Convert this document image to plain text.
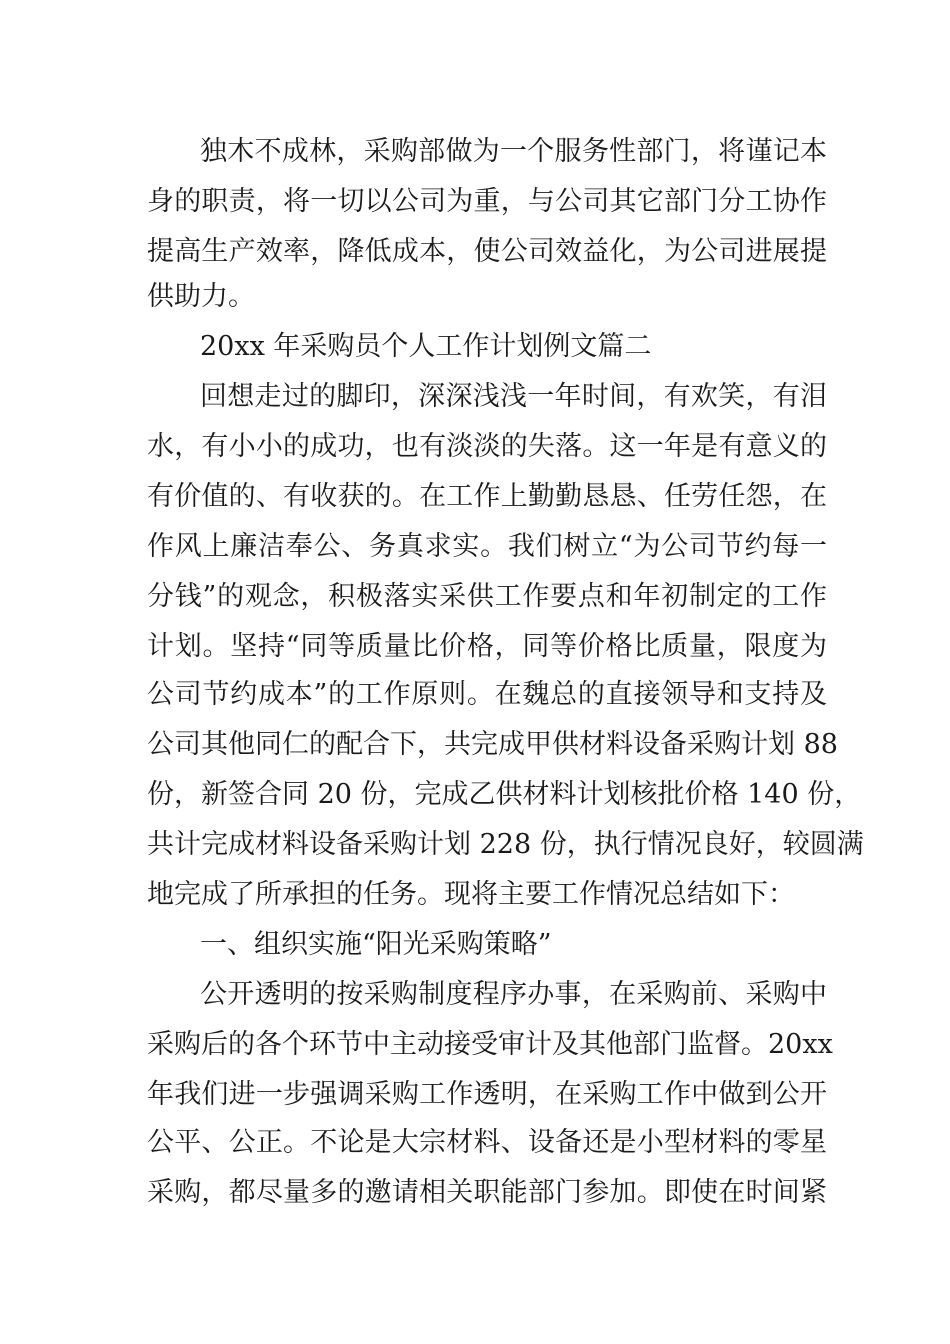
独木不成林，采购部做为一个服务性部门，将谨记本
身的职责，将一切以公司为重，与公司其它部门分工协作
提高生产效率，降低成本，使公司效益化，为公司进展提
供助力。
20xx 年采购员个人工作计划例文篇二
回想走过的脚印，深深浅浅一年时间，有欢笑，有泪
水，有小小的成功，也有淡淡的失落。这一年是有意义的
有价值的、有收获的。在工作上勤勤恳恳、任劳任怨，在
作风上廉洁奉公、务真求实。我们树立“为公司节约每一
分钱”的观念，积极落实采供工作要点和年初制定的工作
计划。坚持“同等质量比价格，同等价格比质量，限度为
公司节约成本”的工作原则。在魏总的直接领导和支持及
公司其他同仁的配合下，共完成甲供材料设备采购计划 88
份，新签合同 20 份，完成乙供材料计划核批价格 140 份，
共计完成材料设备采购计划 228 份，执行情况良好，较圆满
地完成了所承担的任务。现将主要工作情况总结如下：
一、组织实施“阳光采购策略”
公开透明的按采购制度程序办事，在采购前、采购中
采购后的各个环节中主动接受审计及其他部门监督。20xx
年我们进一步强调采购工作透明，在采购工作中做到公开
公平、公正。不论是大宗材料、设备还是小型材料的零星
采购，都尽量多的邀请相关职能部门参加。即使在时间紧
